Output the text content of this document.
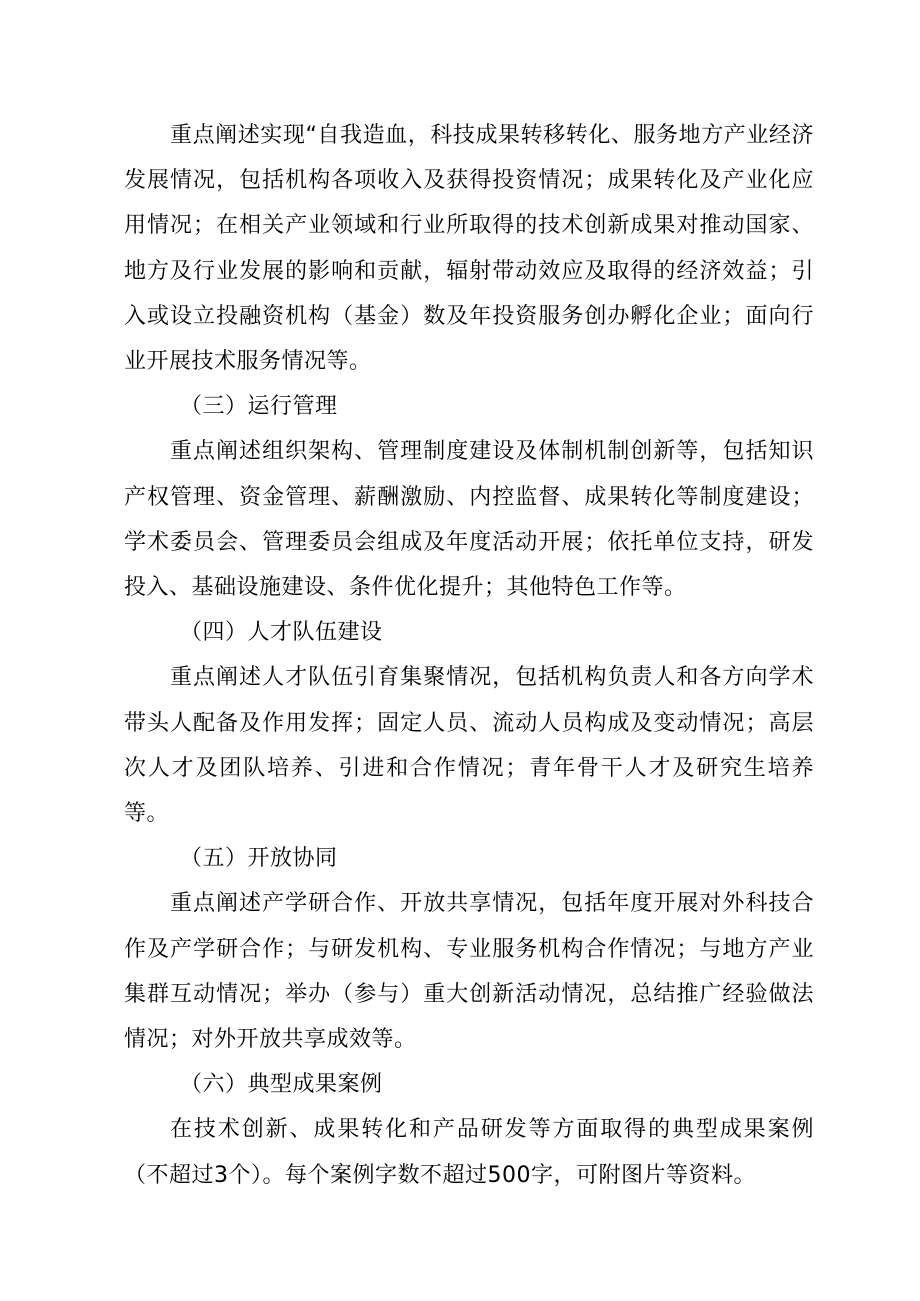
重点阐述实现“自我造血，科技成果转移转化、服务地方产业经济发展情况，包括机构各项收入及获得投资情况；成果转化及产业化应用情况；在相关产业领域和行业所取得的技术创新成果对推动国家、地方及行业发展的影响和贡献，辐射带动效应及取得的经济效益；引入或设立投融资机构（基金）数及年投资服务创办孵化企业；面向行业开展技术服务情况等。

（三）运行管理

重点阐述组织架构、管理制度建设及体制机制创新等，包括知识产权管理、资金管理、薪酬激励、内控监督、成果转化等制度建设；学术委员会、管理委员会组成及年度活动开展；依托单位支持，研发投入、基础设施建设、条件优化提升；其他特色工作等。

（四）人才队伍建设

重点阐述人才队伍引育集聚情况，包括机构负责人和各方向学术带头人配备及作用发挥；固定人员、流动人员构成及变动情况；高层次人才及团队培养、引进和合作情况；青年骨干人才及研究生培养等。

（五）开放协同

重点阐述产学研合作、开放共享情况，包括年度开展对外科技合作及产学研合作；与研发机构、专业服务机构合作情况；与地方产业集群互动情况；举办（参与）重大创新活动情况，总结推广经验做法情况；对外开放共享成效等。

（六）典型成果案例

在技术创新、成果转化和产品研发等方面取得的典型成果案例（不超过3个）。每个案例字数不超过500字，可附图片等资料。
